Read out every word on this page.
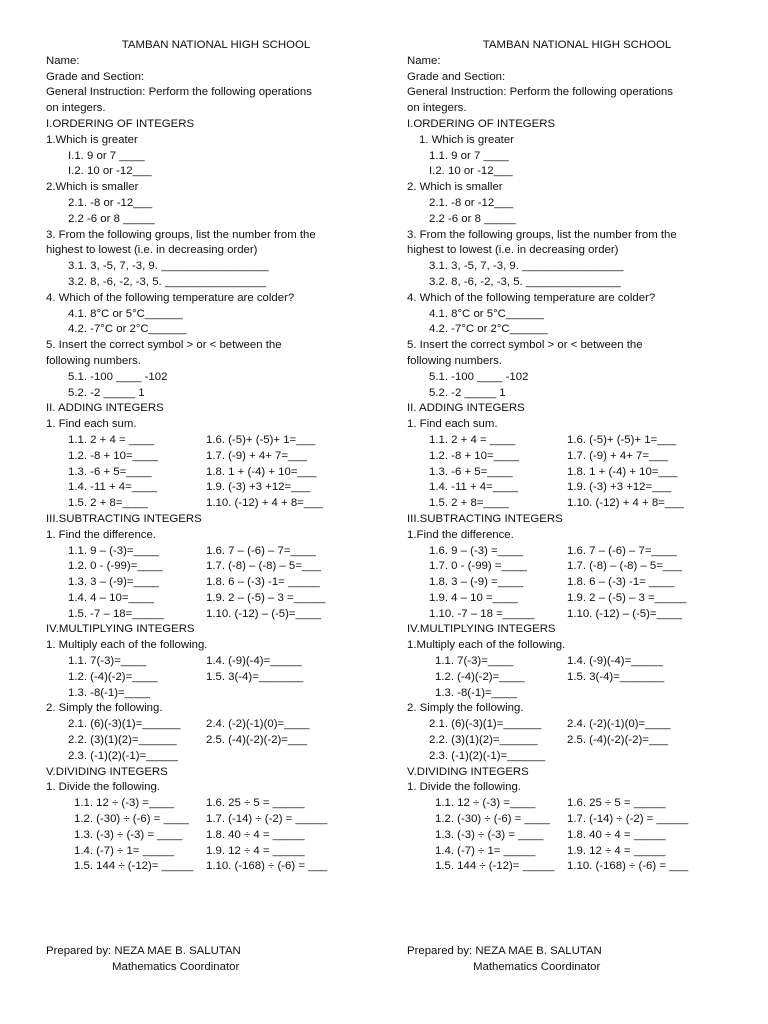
TAMBAN NATIONAL HIGH SCHOOL
Name:
Grade and Section:
General Instruction: Perform the following operations
on integers.
I.ORDERING OF INTEGERS
1.Which is greater
I.1. 9 or 7 ____
I.2. 10 or -12___
2.Which is smaller
2.1. -8 or -12___
2.2 -6 or 8 _____
3. From the following groups, list the number from the
highest to lowest (i.e. in decreasing order)
3.1. 3, -5, 7, -3, 9. _________________
3.2. 8, -6, -2, -3, 5. ________________
4. Which of the following temperature are colder?
4.1. 8°C or 5°C______
4.2. -7°C or 2°C______
5. Insert the correct symbol > or < between the
following numbers.
5.1. -100 ____ -102
5.2. -2 _____ 1
II. ADDING INTEGERS
1. Find each sum.
1.1. 2 + 4 = ____	1.6. (-5)+ (-5)+ 1=___
1.2. -8 + 10=____	1.7. (-9) + 4+ 7=___
1.3. -6 + 5=____	1.8. 1 + (-4) + 10=___
1.4. -11 + 4=____	1.9. (-3) +3 +12=___
1.5. 2 + 8=____	1.10. (-12) + 4 + 8=___
III.SUBTRACTING INTEGERS
1. Find the difference.
1.1. 9 – (-3)=____	1.6. 7 – (-6) – 7=____
1.2. 0 - (-99)=____	1.7. (-8) – (-8) – 5=___
1.3. 3 – (-9)=____	1.8. 6 – (-3) -1= _____
1.4. 4 – 10=____	1.9. 2 – (-5) – 3 =_____
1.5. -7 – 18=_____	1.10. (-12) – (-5)=____
IV.MULTIPLYING INTEGERS
1. Multiply each of the following.
1.1. 7(-3)=____	1.4. (-9)(-4)=_____
1.2. (-4)(-2)=____	1.5. 3(-4)=_______
1.3. -8(-1)=____
2. Simply the following.
2.1. (6)(-3)(1)=______	2.4. (-2)(-1)(0)=____
2.2. (3)(1)(2)=______	2.5. (-4)(-2)(-2)=___
2.3. (-1)(2)(-1)=_____
V.DIVIDING INTEGERS
1. Divide the following.
1.1. 12 ÷ (-3) =____	1.6. 25 ÷ 5 = _____
1.2. (-30) ÷ (-6) = ____	1.7. (-14) ÷ (-2) = _____
1.3. (-3) ÷ (-3) = ____	1.8. 40 ÷ 4 = _____
1.4. (-7) ÷ 1= _____	1.9. 12 ÷ 4 = _____
1.5. 144 ÷ (-12)= _____	1.10. (-168) ÷ (-6) = ___
Prepared by: NEZA MAE B. SALUTAN
Mathematics Coordinator
TAMBAN NATIONAL HIGH SCHOOL
Name:
Grade and Section:
General Instruction: Perform the following operations
on integers.
I.ORDERING OF INTEGERS
1. Which is greater
1.1. 9 or 7 ____
I.2. 10 or -12___
2. Which is smaller
2.1. -8 or -12___
2.2 -6 or 8 _____
3. From the following groups, list the number from the
highest to lowest (i.e. in decreasing order)
3.1. 3, -5, 7, -3, 9. ________________
3.2. 8, -6, -2, -3, 5. _______________
4. Which of the following temperature are colder?
4.1. 8°C or 5°C______
4.2. -7°C or 2°C______
5. Insert the correct symbol > or < between the
following numbers.
5.1. -100 ____ -102
5.2. -2 _____ 1
II. ADDING INTEGERS
1. Find each sum.
1.1. 2 + 4 = ____	1.6. (-5)+ (-5)+ 1=___
1.2. -8 + 10=____	1.7. (-9) + 4+ 7=___
1.3. -6 + 5=____	1.8. 1 + (-4) + 10=___
1.4. -11 + 4=____	1.9. (-3) +3 +12=___
1.5. 2 + 8=____	1.10. (-12) + 4 + 8=___
III.SUBTRACTING INTEGERS
1.Find the difference.
1.6. 9 – (-3) =____	1.6. 7 – (-6) – 7=____
1.7. 0 - (-99) =____	1.7. (-8) – (-8) – 5=___
1.8. 3 – (-9) =____	1.8. 6 – (-3) -1= ____
1.9. 4 – 10 =____	1.9. 2 – (-5) – 3 =_____
1.10. -7 – 18 =_____	1.10. (-12) – (-5)=____
IV.MULTIPLYING INTEGERS
1.Multiply each of the following.
1.1. 7(-3)=____	1.4. (-9)(-4)=_____
1.2. (-4)(-2)=____	1.5. 3(-4)=_______
1.3. -8(-1)=____
2. Simply the following.
2.1. (6)(-3)(1)=______	2.4. (-2)(-1)(0)=____
2.2. (3)(1)(2)=______	2.5. (-4)(-2)(-2)=___
2.3. (-1)(2)(-1)=______
V.DIVIDING INTEGERS
1. Divide the following.
1.1. 12 ÷ (-3) =____	1.6. 25 ÷ 5 = _____
1.2. (-30) ÷ (-6) = ____	1.7. (-14) ÷ (-2) = _____
1.3. (-3) ÷ (-3) = ____	1.8. 40 ÷ 4 = _____
1.4. (-7) ÷ 1= _____	1.9. 12 ÷ 4 = _____
1.5. 144 ÷ (-12)= _____	1.10. (-168) ÷ (-6) = ___
Prepared by: NEZA MAE B. SALUTAN
Mathematics Coordinator
